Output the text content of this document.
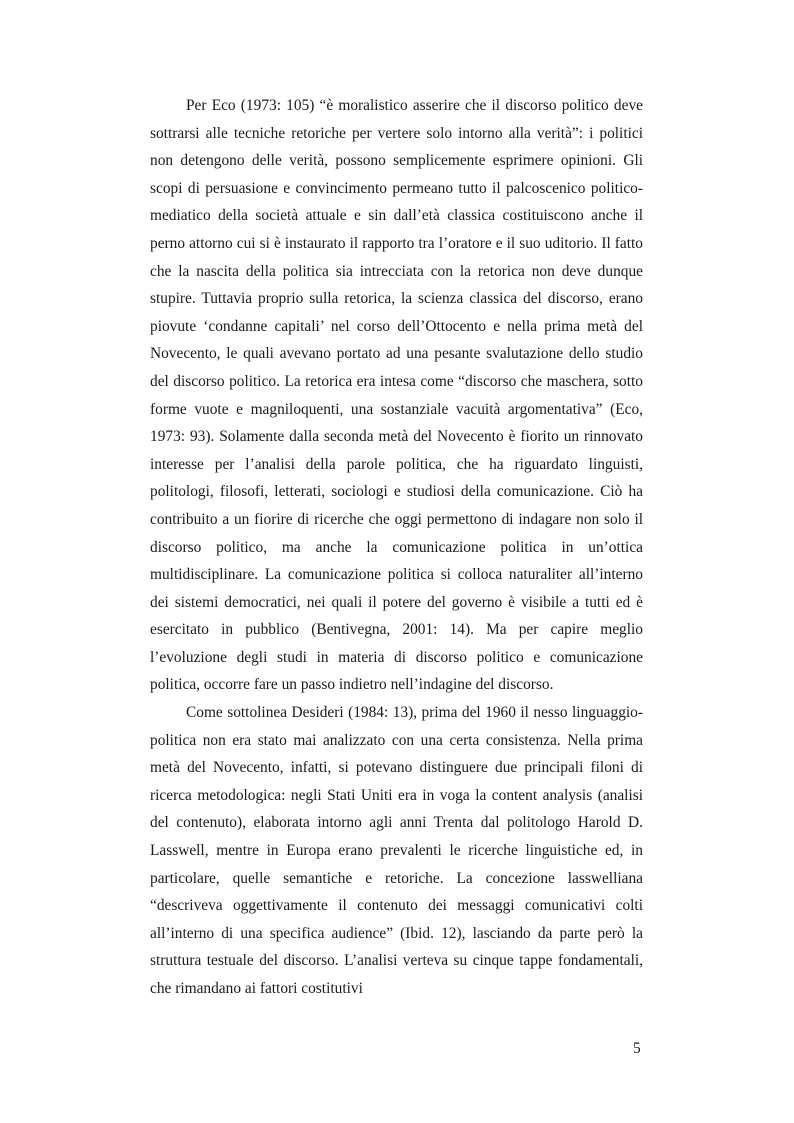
Per Eco (1973: 105) “è moralistico asserire che il discorso politico deve sottrarsi alle tecniche retoriche per vertere solo intorno alla verità”: i politici non detengono delle verità, possono semplicemente esprimere opinioni. Gli scopi di persuasione e convincimento permeano tutto il palcoscenico politico-mediatico della società attuale e sin dall’età classica costituiscono anche il perno attorno cui si è instaurato il rapporto tra l’oratore e il suo uditorio. Il fatto che la nascita della politica sia intrecciata con la retorica non deve dunque stupire. Tuttavia proprio sulla retorica, la scienza classica del discorso, erano piovute ‘condanne capitali’ nel corso dell’Ottocento e nella prima metà del Novecento, le quali avevano portato ad una pesante svalutazione dello studio del discorso politico. La retorica era intesa come “discorso che maschera, sotto forme vuote e magniloquenti, una sostanziale vacuità argomentativa” (Eco, 1973: 93). Solamente dalla seconda metà del Novecento è fiorito un rinnovato interesse per l’analisi della parole politica, che ha riguardato linguisti, politologi, filosofi, letterati, sociologi e studiosi della comunicazione. Ciò ha contribuito a un fiorire di ricerche che oggi permettono di indagare non solo il discorso politico, ma anche la comunicazione politica in un’ottica multidisciplinare. La comunicazione politica si colloca naturaliter all’interno dei sistemi democratici, nei quali il potere del governo è visibile a tutti ed è esercitato in pubblico (Bentivegna, 2001: 14). Ma per capire meglio l’evoluzione degli studi in materia di discorso politico e comunicazione politica, occorre fare un passo indietro nell’indagine del discorso.

Come sottolinea Desideri (1984: 13), prima del 1960 il nesso linguaggio-politica non era stato mai analizzato con una certa consistenza. Nella prima metà del Novecento, infatti, si potevano distinguere due principali filoni di ricerca metodologica: negli Stati Uniti era in voga la content analysis (analisi del contenuto), elaborata intorno agli anni Trenta dal politologo Harold D. Lasswell, mentre in Europa erano prevalenti le ricerche linguistiche ed, in particolare, quelle semantiche e retoriche. La concezione lasswelliana “descriveva oggettivamente il contenuto dei messaggi comunicativi colti all’interno di una specifica audience” (Ibid. 12), lasciando da parte però la struttura testuale del discorso. L’analisi verteva su cinque tappe fondamentali, che rimandano ai fattori costitutivi

5
